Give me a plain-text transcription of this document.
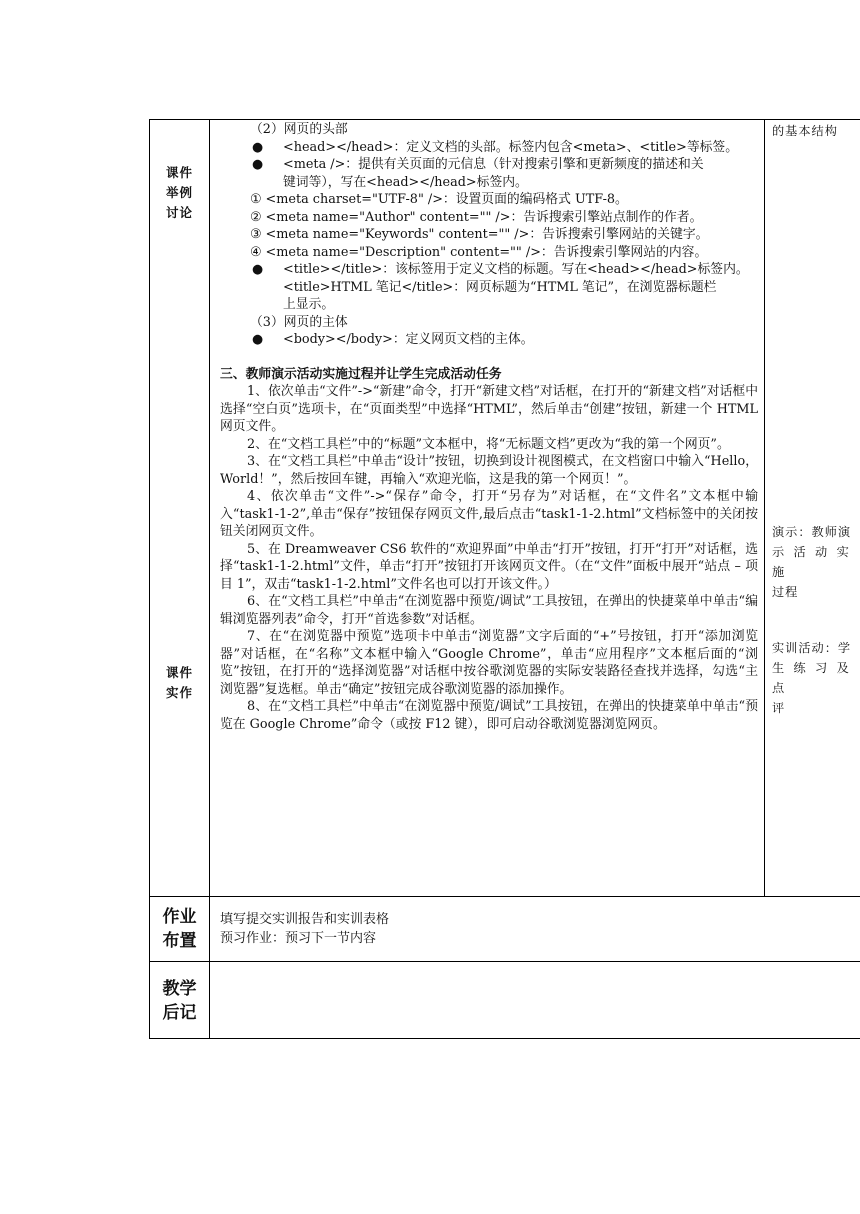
课件
举例
讨论
课件
实作
作业
布置
教学
后记
（2）网页的头部
● <head></head>：定义文档的头部。标签内包含<meta>、<title>等标签。
● <meta />：提供有关页面的元信息（针对搜索引擎和更新频度的描述和关
键词等），写在<head></head>标签内。
① <meta charset="UTF-8" />：设置页面的编码格式 UTF-8。
② <meta name="Author" content="" />：告诉搜索引擎站点制作的作者。
③ <meta name="Keywords" content="" />：告诉搜索引擎网站的关键字。
④ <meta name="Description" content="" />：告诉搜索引擎网站的内容。
● <title></title>：该标签用于定义文档的标题。写在<head></head>标签内。
<title>HTML 笔记</title>：网页标题为“HTML 笔记”，在浏览器标题栏
上显示。
（3）网页的主体
● <body></body>：定义网页文档的主体。
三、教师演示活动实施过程并让学生完成活动任务

1、依次单击“文件”->“新建”命令，打开“新建文档”对话框，在打开的“新建文档”对话框中选择“空白页”选项卡，在“页面类型”中选择“HTML”，然后单击“创建”按钮，新建一个 HTML 网页文件。

2、在“文档工具栏”中的“标题”文本框中，将“无标题文档”更改为“我的第一个网页”。

3、在“文档工具栏”中单击“设计”按钮，切换到设计视图模式，在文档窗口中输入“Hello，World！”，然后按回车键，再输入“欢迎光临，这是我的第一个网页！”。

4、依次单击“文件”->“保存”命令，打开“另存为”对话框，在“文件名”文本框中输入“task1-1-2”,单击“保存”按钮保存网页文件,最后点击“task1-1-2.html”文档标签中的关闭按钮关闭网页文件。

5、在 Dreamweaver CS6 软件的“欢迎界面”中单击“打开”按钮，打开“打开”对话框，选择“task1-1-2.html”文件，单击“打开”按钮打开该网页文件。（在“文件”面板中展开“站点 – 项目 1”，双击“task1-1-2.html”文件名也可以打开该文件。）

6、在“文档工具栏”中单击“在浏览器中预览/调试”工具按钮，在弹出的快捷菜单中单击“编辑浏览器列表”命令，打开“首选参数”对话框。

7、在“在浏览器中预览”选项卡中单击“浏览器”文字后面的“+”号按钮，打开“添加浏览器”对话框，在“名称”文本框中输入“Google Chrome”，单击“应用程序”文本框后面的“浏览”按钮，在打开的“选择浏览器”对话框中按谷歌浏览器的实际安装路径查找并选择，勾选“主浏览器”复选框。单击“确定”按钮完成谷歌浏览器的添加操作。

8、在“文档工具栏”中单击“在浏览器中预览/调试”工具按钮，在弹出的快捷菜单中单击“预览在 Google Chrome”命令（或按 F12 键），即可启动谷歌浏览器浏览网页。

的基本结构
演示：教师演
示 活 动 实 施
过程
实训活动：学
生 练 习 及 点
评
填写提交实训报告和实训表格
预习作业：预习下一节内容
